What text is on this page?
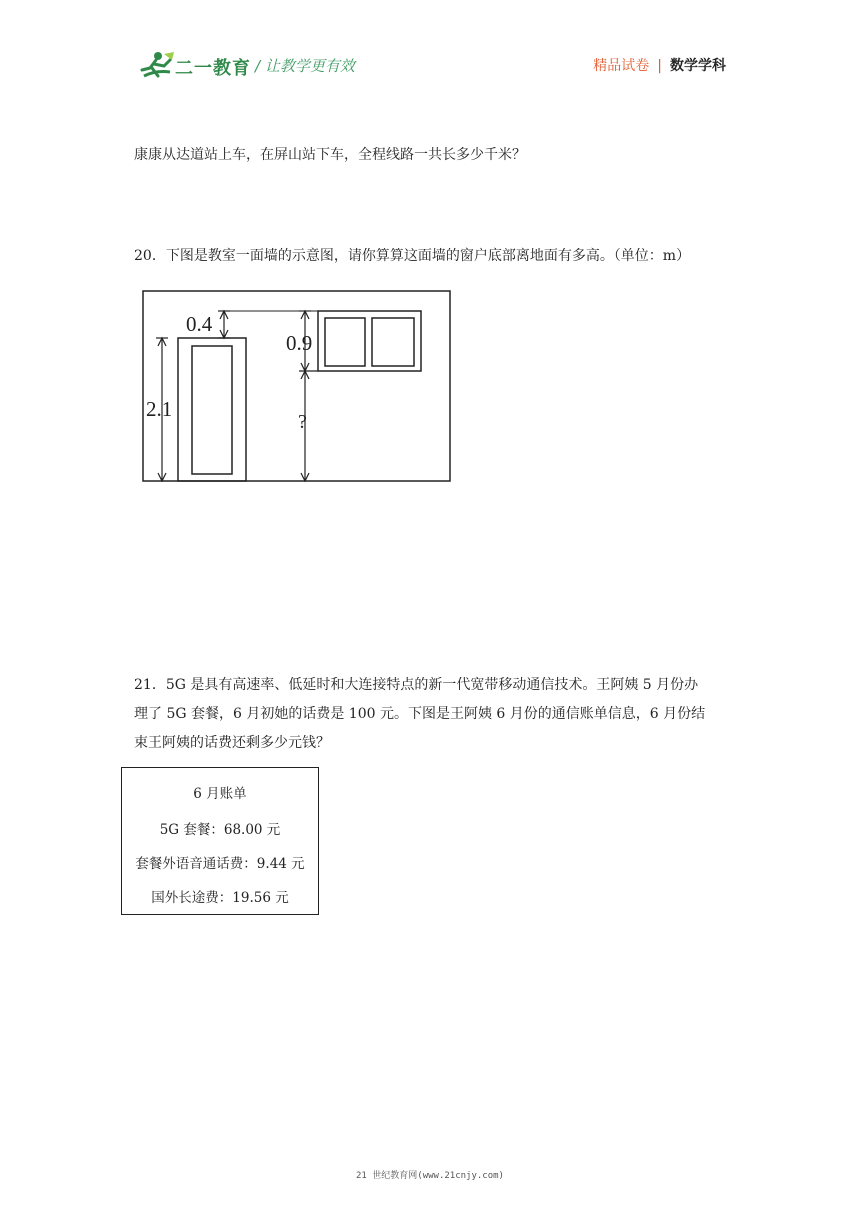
二一教育 / 让教学更有效	精品试卷 | 数学学科
康康从达道站上车，在屏山站下车，全程线路一共长多少千米？
20．下图是教室一面墙的示意图，请你算算这面墙的窗户底部离地面有多高。（单位：m）
0.4
0.9
2.1
?
21．5G 是具有高速率、低延时和大连接特点的新一代宽带移动通信技术。王阿姨 5 月份办
理了 5G 套餐，6 月初她的话费是 100 元。下图是王阿姨 6 月份的通信账单信息，6 月份结
束王阿姨的话费还剩多少元钱？
6 月账单
5G 套餐：68.00 元
套餐外语音通话费：9.44 元
国外长途费：19.56 元
21 世纪教育网(www.21cnjy.com)
